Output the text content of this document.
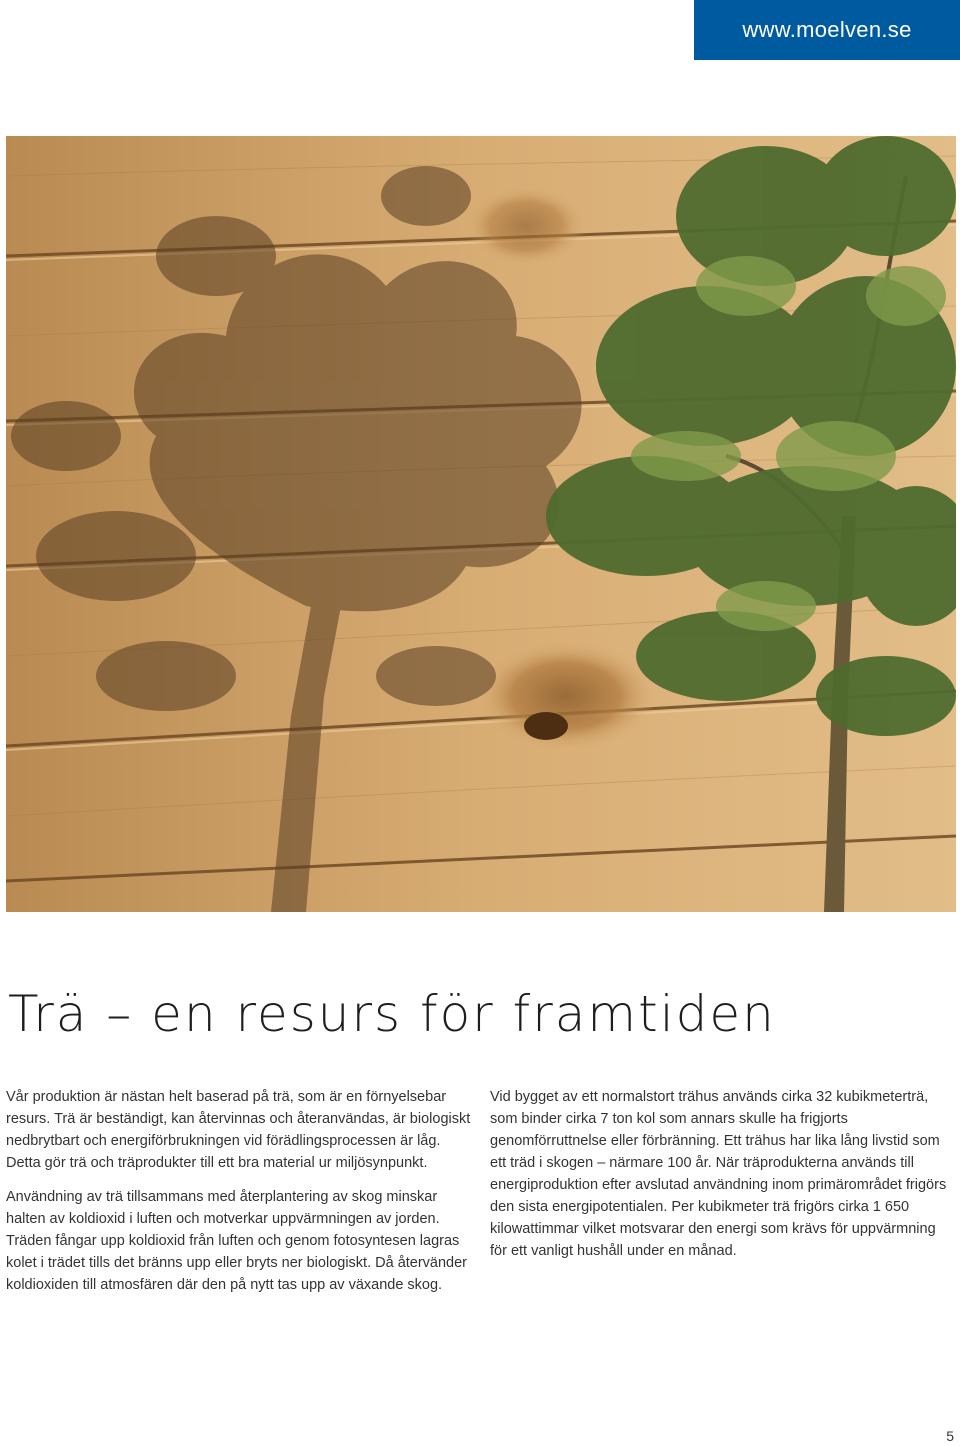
www.moelven.se
Trä – en resurs för framtiden

Vår produktion är nästan helt baserad på trä, som är en förnyelsebar resurs. Trä är beständigt, kan återvinnas och återanvändas, är biologiskt nedbrytbart och energiförbrukningen vid förädlingsprocessen är låg. Detta gör trä och träprodukter till ett bra material ur miljösynpunkt.

Användning av trä tillsammans med återplantering av skog minskar halten av koldioxid i luften och motverkar uppvärmningen av jorden. Träden fångar upp koldioxid från luften och genom fotosyntesen lagras kolet i trädet tills det bränns upp eller bryts ner biologiskt. Då återvänder koldioxiden till atmosfären där den på nytt tas upp av växande skog.

Vid bygget av ett normalstort trähus används cirka 32 kubikmeterträ, som binder cirka 7 ton kol som annars skulle ha frigjorts genomförruttnelse eller förbränning. Ett trähus har lika lång livstid som ett träd i skogen – närmare 100 år. När träprodukterna används till energiproduktion efter avslutad användning inom primärområdet frigörs den sista energipotentialen. Per kubikmeter trä frigörs cirka 1 650 kilowattimmar vilket motsvarar den energi som krävs för uppvärmning för ett vanligt hushåll under en månad.

5
